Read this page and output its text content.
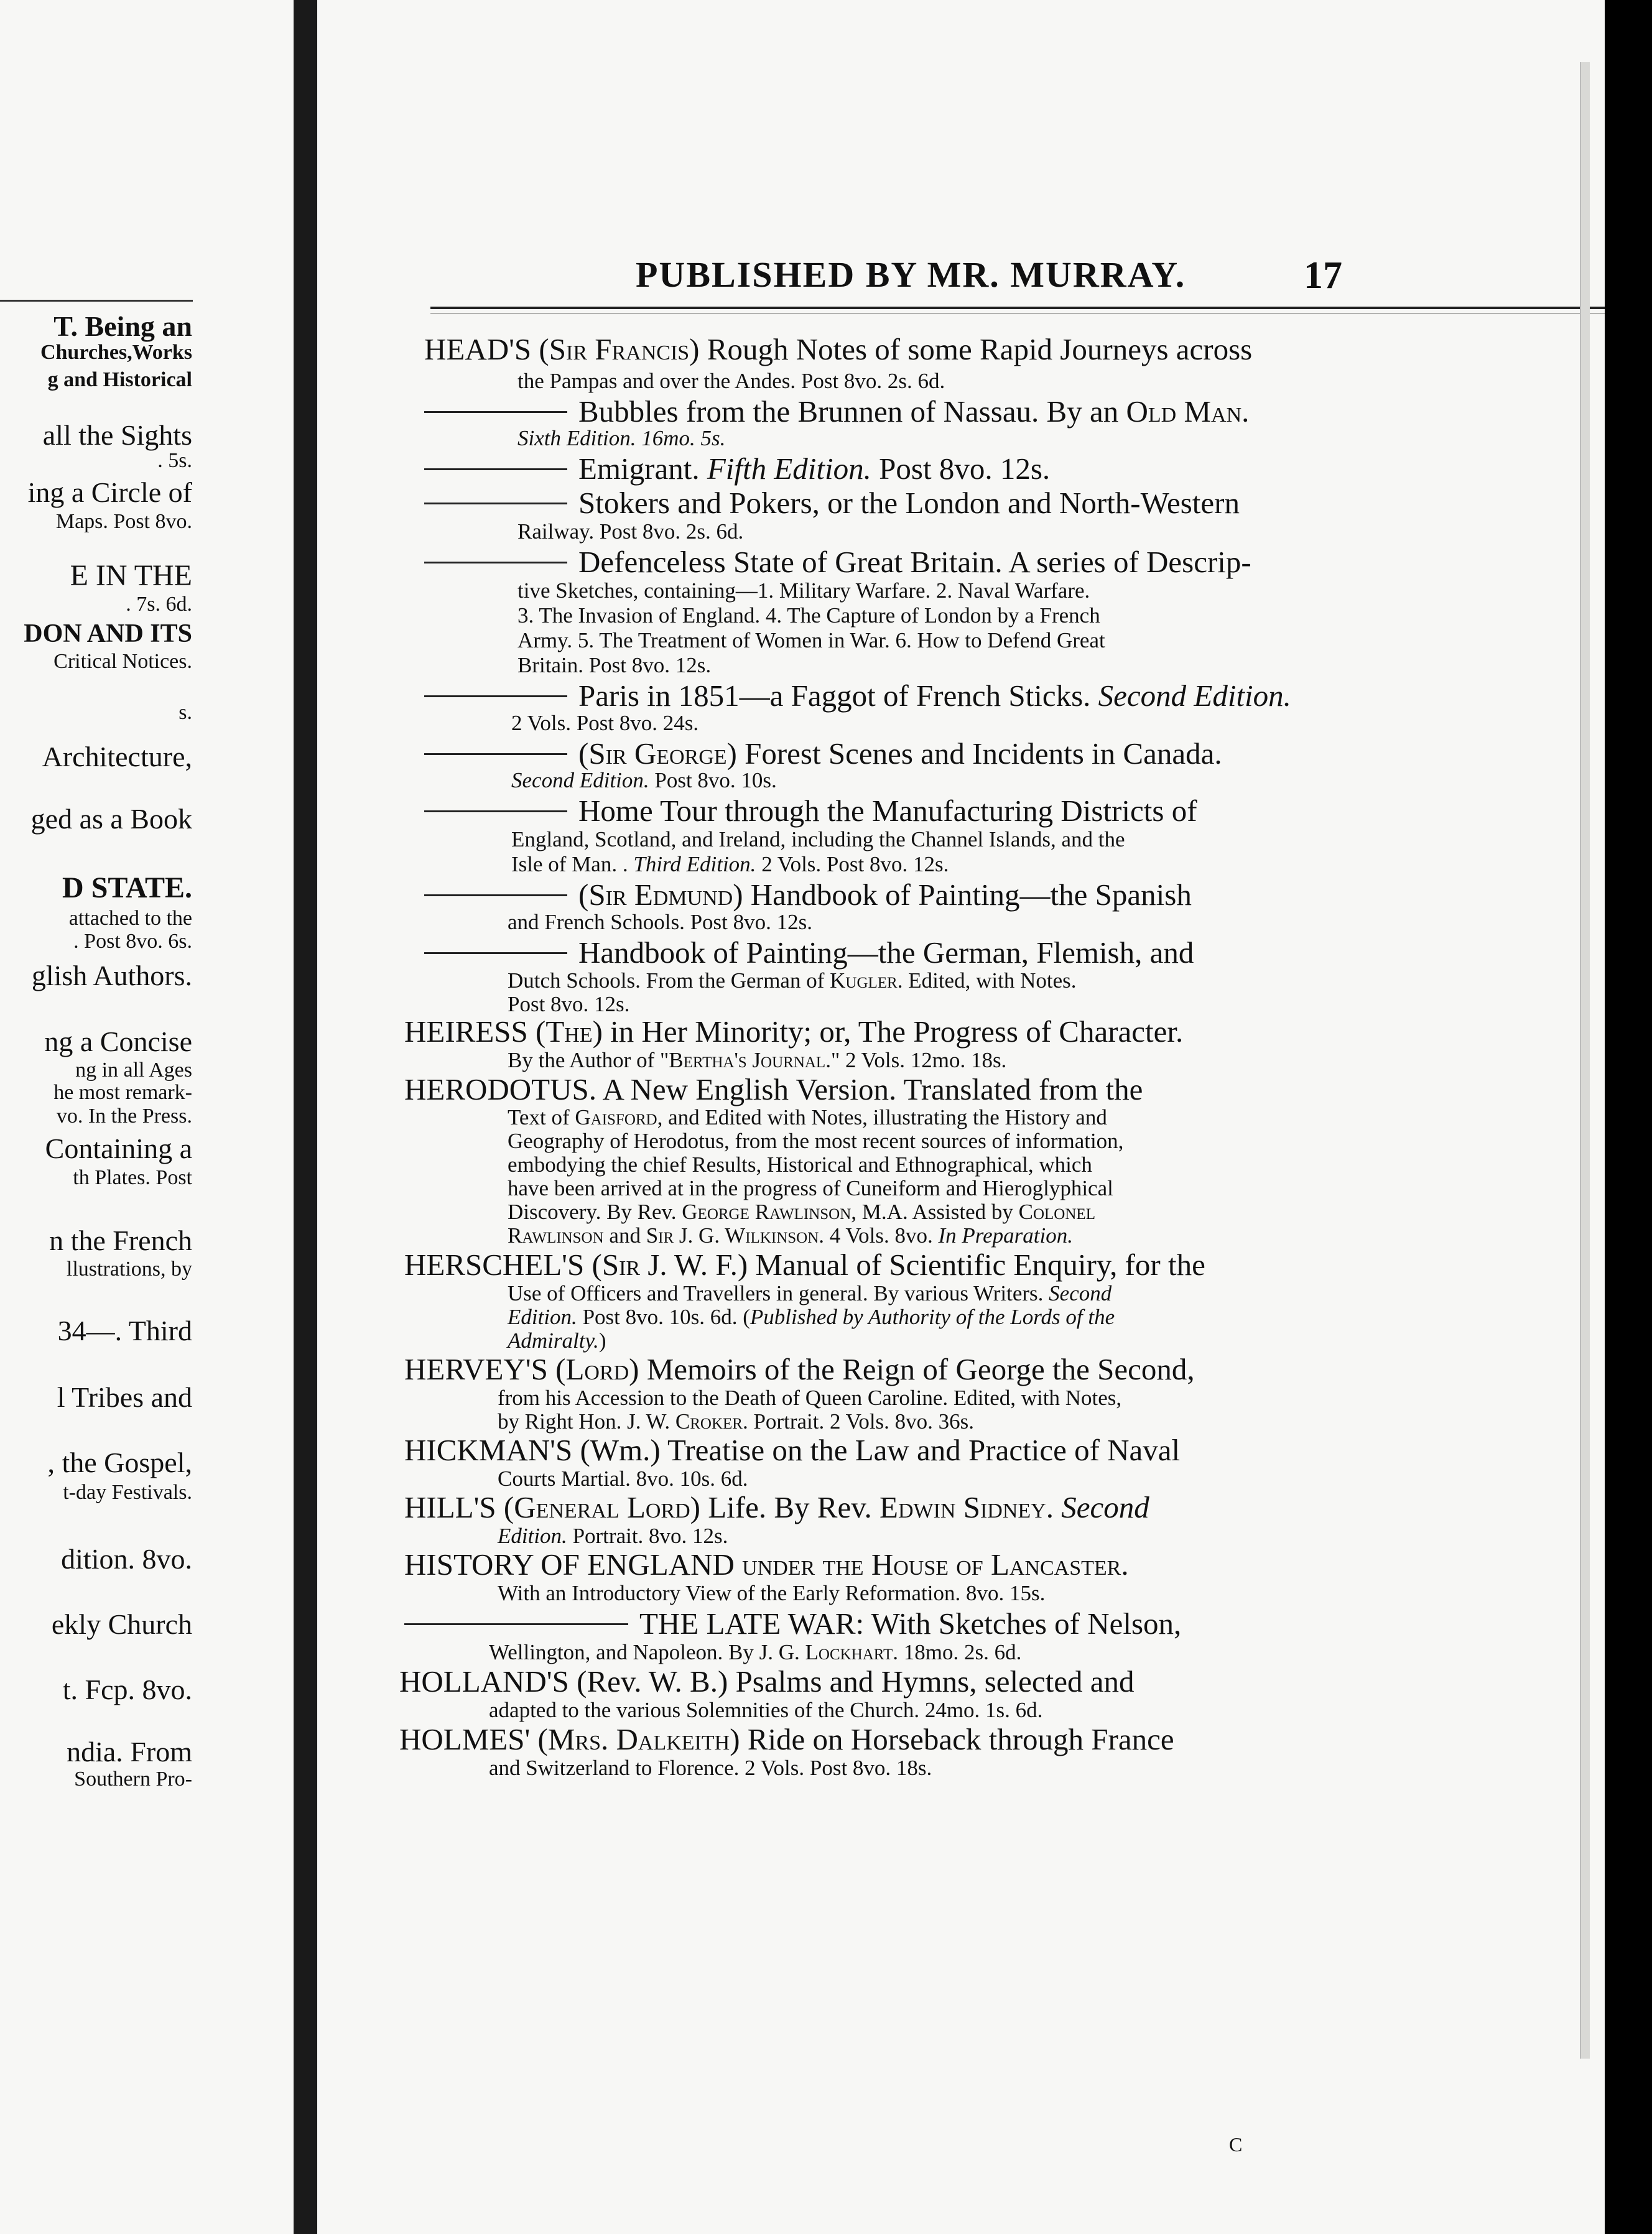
T. Being an
Churches,Works
g and Historical
all the Sights
. 5s.
ing a Circle of
Maps. Post 8vo.
E IN THE
. 7s. 6d.
DON AND ITS
Critical Notices.
s.
Architecture,
ged as a Book
D STATE.
attached to the
. Post 8vo. 6s.
glish Authors.
ng a Concise
ng in all Ages
he most remark-
vo. In the Press.
Containing a
th Plates. Post
n the French
llustrations, by
34—. Third
l Tribes and
, the Gospel,
t-day Festivals.
dition. 8vo.
ekly Church
t. Fcp. 8vo.
ndia. From
Southern Pro-
PUBLISHED BY MR. MURRAY.	17
HEAD'S (Sir Francis) Rough Notes of some Rapid Journeys across
the Pampas and over the Andes. Post 8vo. 2s. 6d.
Bubbles from the Brunnen of Nassau. By an Old Man.
Sixth Edition. 16mo. 5s.
Emigrant. Fifth Edition. Post 8vo. 12s.
Stokers and Pokers, or the London and North-Western
Railway. Post 8vo. 2s. 6d.
Defenceless State of Great Britain. A series of Descrip-
tive Sketches, containing—1. Military Warfare. 2. Naval Warfare.
3. The Invasion of England. 4. The Capture of London by a French
Army. 5. The Treatment of Women in War. 6. How to Defend Great
Britain. Post 8vo. 12s.
Paris in 1851—a Faggot of French Sticks. Second Edition.
2 Vols. Post 8vo. 24s.
(Sir George) Forest Scenes and Incidents in Canada.
Second Edition. Post 8vo. 10s.
Home Tour through the Manufacturing Districts of
England, Scotland, and Ireland, including the Channel Islands, and the
Isle of Man. . Third Edition. 2 Vols. Post 8vo. 12s.
(Sir Edmund) Handbook of Painting—the Spanish
and French Schools. Post 8vo. 12s.
Handbook of Painting—the German, Flemish, and
Dutch Schools. From the German of Kugler. Edited, with Notes.
Post 8vo. 12s.
HEIRESS (The) in Her Minority; or, The Progress of Character.
By the Author of "Bertha's Journal." 2 Vols. 12mo. 18s.
HERODOTUS. A New English Version. Translated from the
Text of Gaisford, and Edited with Notes, illustrating the History and
Geography of Herodotus, from the most recent sources of information,
embodying the chief Results, Historical and Ethnographical, which
have been arrived at in the progress of Cuneiform and Hieroglyphical
Discovery. By Rev. George Rawlinson, M.A. Assisted by Colonel
Rawlinson and Sir J. G. Wilkinson. 4 Vols. 8vo. In Preparation.
HERSCHEL'S (Sir J. W. F.) Manual of Scientific Enquiry, for the
Use of Officers and Travellers in general. By various Writers. Second
Edition. Post 8vo. 10s. 6d. (Published by Authority of the Lords of the
Admiralty.)
HERVEY'S (Lord) Memoirs of the Reign of George the Second,
from his Accession to the Death of Queen Caroline. Edited, with Notes,
by Right Hon. J. W. Croker. Portrait. 2 Vols. 8vo. 36s.
HICKMAN'S (Wm.) Treatise on the Law and Practice of Naval
Courts Martial. 8vo. 10s. 6d.
HILL'S (General Lord) Life. By Rev. Edwin Sidney. Second
Edition. Portrait. 8vo. 12s.
HISTORY OF ENGLAND under the House of Lancaster.
With an Introductory View of the Early Reformation. 8vo. 15s.
THE LATE WAR: With Sketches of Nelson,
Wellington, and Napoleon. By J. G. Lockhart. 18mo. 2s. 6d.
HOLLAND'S (Rev. W. B.) Psalms and Hymns, selected and
adapted to the various Solemnities of the Church. 24mo. 1s. 6d.
HOLMES' (Mrs. Dalkeith) Ride on Horseback through France
and Switzerland to Florence. 2 Vols. Post 8vo. 18s.
C
